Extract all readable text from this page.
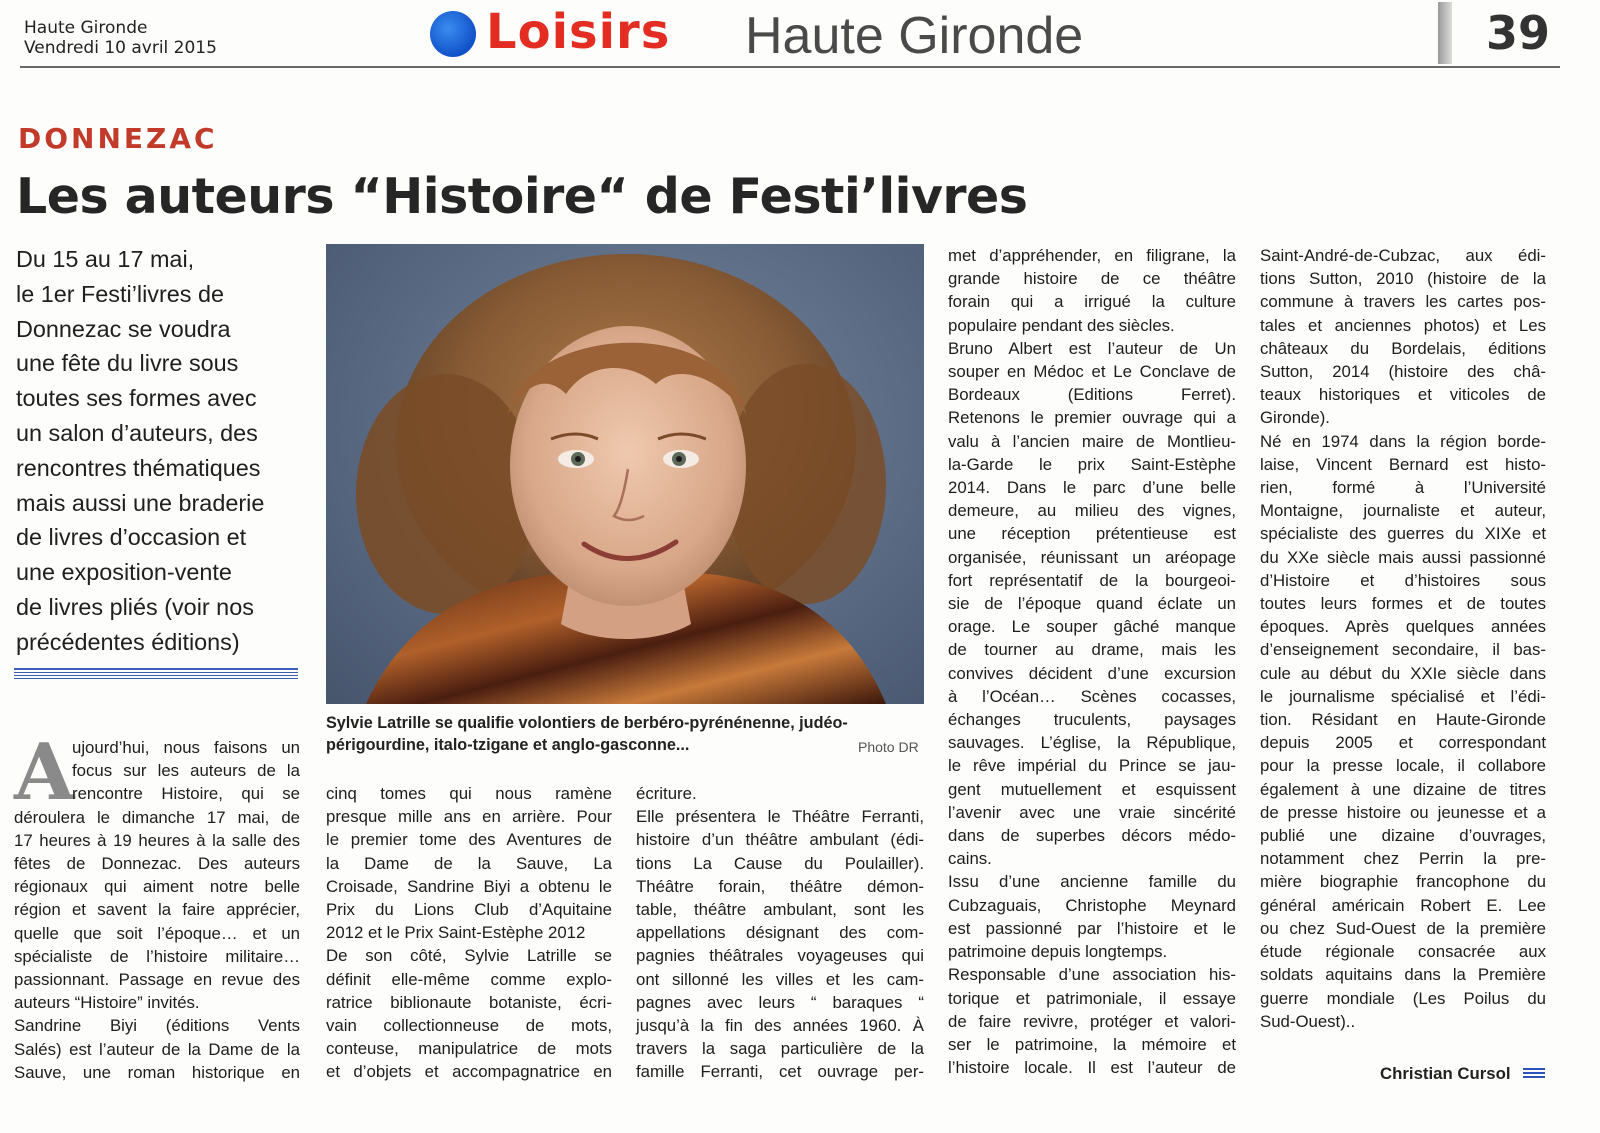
Haute Gironde
Vendredi 10 avril 2015	Loisirs Haute Gironde	39
DONNEZAC
Les auteurs “Histoire“ de Festi’livres
Du 15 au 17 mai,
le 1er Festi’livres de
Donnezac se voudra
une fête du livre sous
toutes ses formes avec
un salon d’auteurs, des
rencontres thématiques
mais aussi une braderie
de livres d’occasion et
une exposition-vente
de livres pliés (voir nos
précédentes éditions)
Sylvie Latrille se qualifie volontiers de berbéro-pyrénénenne, judéo-
périgourdine, italo-tzigane et anglo-gasconne...	Photo DR
A
ujourd’hui, nous faisons un
focus sur les auteurs de la
rencontre Histoire, qui se
déroulera le dimanche 17 mai, de
17 heures à 19 heures à la salle des
fêtes de Donnezac. Des auteurs
régionaux qui aiment notre belle
région et savent la faire apprécier,
quelle que soit l’époque… et un
spécialiste de l’histoire militaire…
passionnant. Passage en revue des
auteurs “Histoire” invités.
Sandrine Biyi (éditions Vents
Salés) est l’auteur de la Dame de la
Sauve, une roman historique en
cinq tomes qui nous ramène
presque mille ans en arrière. Pour
le premier tome des Aventures de
la Dame de la Sauve, La
Croisade, Sandrine Biyi a obtenu le
Prix du Lions Club d’Aquitaine
2012 et le Prix Saint-Estèphe 2012
De son côté, Sylvie Latrille se
définit elle-même comme explo-
ratrice biblionaute botaniste, écri-
vain collectionneuse de mots,
conteuse, manipulatrice de mots
et d’objets et accompagnatrice en
écriture.
Elle présentera le Théâtre Ferranti,
histoire d’un théâtre ambulant (édi-
tions La Cause du Poulailler).
Théâtre forain, théâtre démon-
table, théâtre ambulant, sont les
appellations désignant des com-
pagnies théâtrales voyageuses qui
ont sillonné les villes et les cam-
pagnes avec leurs “ baraques “
jusqu’à la fin des années 1960. À
travers la saga particulière de la
famille Ferranti, cet ouvrage per-
met d’appréhender, en filigrane, la
grande histoire de ce théâtre
forain qui a irrigué la culture
populaire pendant des siècles.
Bruno Albert est l’auteur de Un
souper en Médoc et Le Conclave de
Bordeaux (Editions Ferret).
Retenons le premier ouvrage qui a
valu à l’ancien maire de Montlieu-
la-Garde le prix Saint-Estèphe
2014. Dans le parc d’une belle
demeure, au milieu des vignes,
une réception prétentieuse est
organisée, réunissant un aréopage
fort représentatif de la bourgeoi-
sie de l’époque quand éclate un
orage. Le souper gâché manque
de tourner au drame, mais les
convives décident d’une excursion
à l’Océan… Scènes cocasses,
échanges truculents, paysages
sauvages. L’église, la République,
le rêve impérial du Prince se jau-
gent mutuellement et esquissent
l’avenir avec une vraie sincérité
dans de superbes décors médo-
cains.
Issu d’une ancienne famille du
Cubzaguais, Christophe Meynard
est passionné par l’histoire et le
patrimoine depuis longtemps.
Responsable d’une association his-
torique et patrimoniale, il essaye
de faire revivre, protéger et valori-
ser le patrimoine, la mémoire et
l’histoire locale. Il est l’auteur de
Saint-André-de-Cubzac, aux édi-
tions Sutton, 2010 (histoire de la
commune à travers les cartes pos-
tales et anciennes photos) et Les
châteaux du Bordelais, éditions
Sutton, 2014 (histoire des châ-
teaux historiques et viticoles de
Gironde).
Né en 1974 dans la région borde-
laise, Vincent Bernard est histo-
rien, formé à l’Université
Montaigne, journaliste et auteur,
spécialiste des guerres du XIXe et
du XXe siècle mais aussi passionné
d’Histoire et d’histoires sous
toutes leurs formes et de toutes
époques. Après quelques années
d’enseignement secondaire, il bas-
cule au début du XXIe siècle dans
le journalisme spécialisé et l’édi-
tion. Résidant en Haute-Gironde
depuis 2005 et correspondant
pour la presse locale, il collabore
également à une dizaine de titres
de presse histoire ou jeunesse et a
publié une dizaine d’ouvrages,
notamment chez Perrin la pre-
mière biographie francophone du
général américain Robert E. Lee
ou chez Sud-Ouest de la première
étude régionale consacrée aux
soldats aquitains dans la Première
guerre mondiale (Les Poilus du
Sud-Ouest)..
Christian Cursol
